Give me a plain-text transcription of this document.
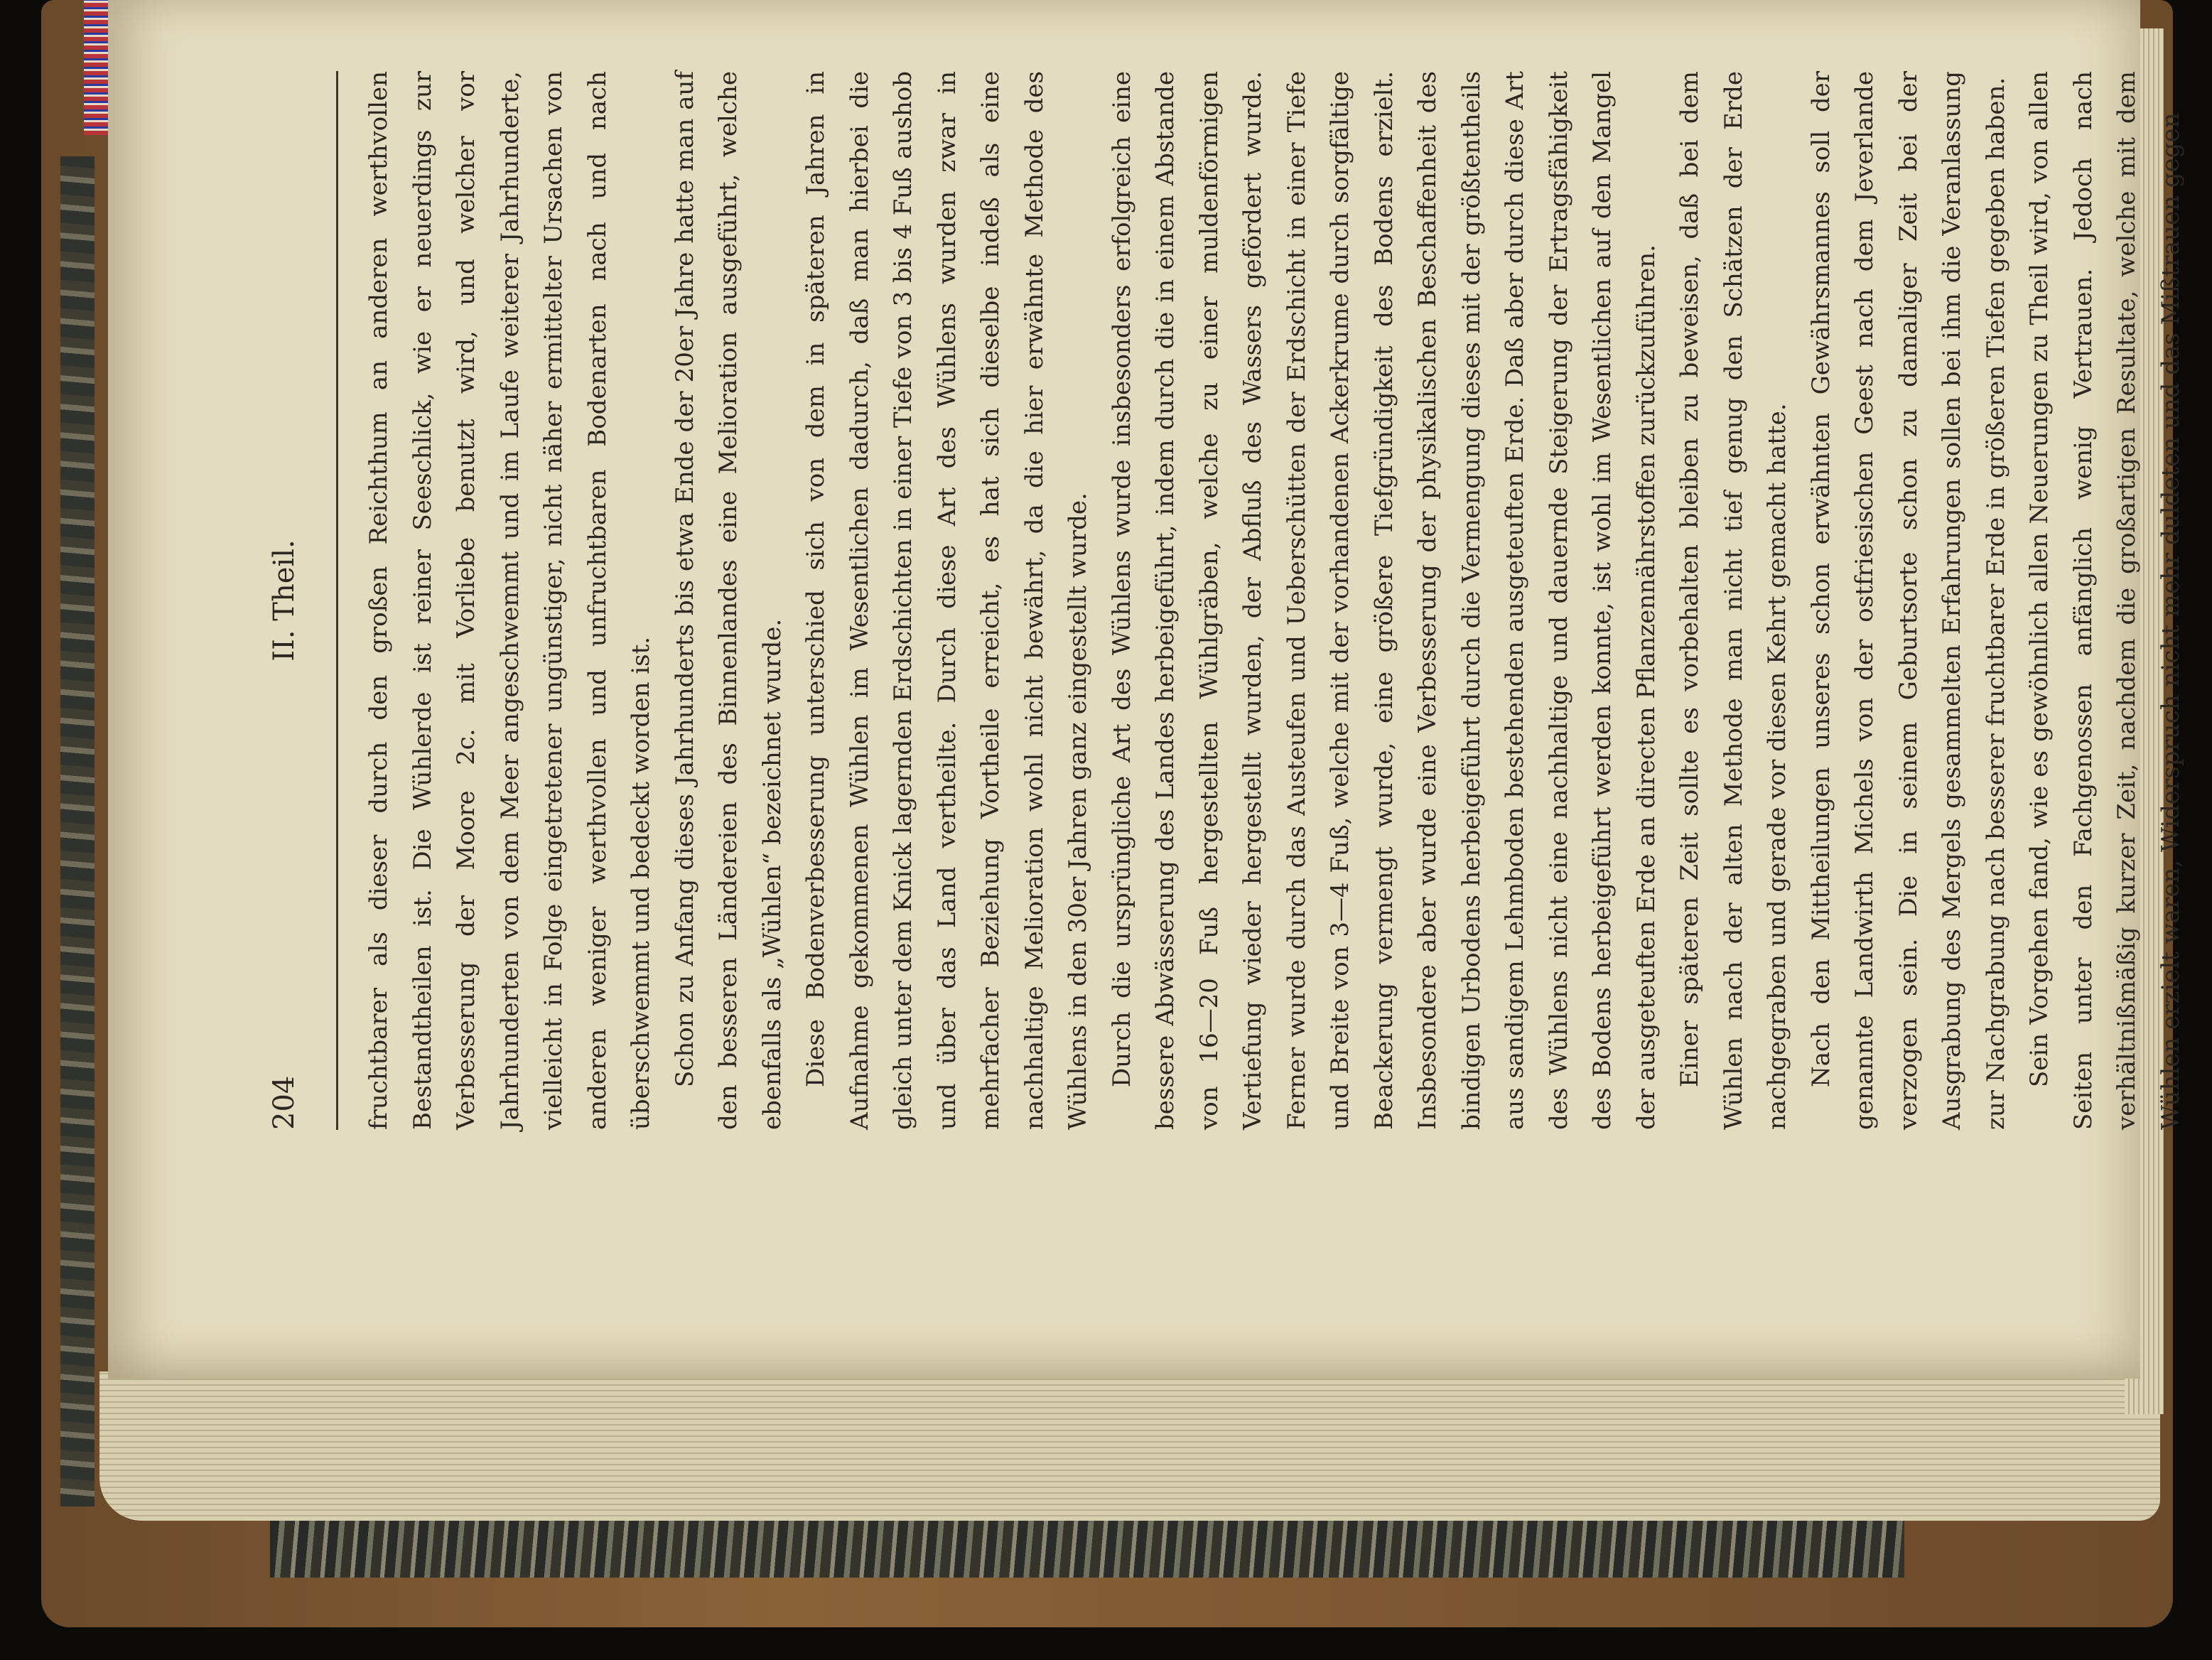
204
II. Theil.	fruchtbarer als dieser durch den großen Reichthum an anderen werthvollen Bestandtheilen ist. Die Wühlerde ist reiner Seeschlick, wie er neuerdings zur Verbesserung der Moore 2c. mit Vorliebe benutzt wird, und welcher vor Jahrhunderten von dem Meer angeschwemmt und im Laufe weiterer Jahrhunderte, vielleicht in Folge eingetretener ungünstiger, nicht näher ermittelter Ursachen von anderen weniger werthvollen und unfruchtbaren Bodenarten nach und nach überschwemmt und bedeckt worden ist. Schon zu Anfang dieses Jahrhunderts bis etwa Ende der 20er Jahre hatte man auf den besseren Ländereien des Binnenlandes eine Melioration ausgeführt, welche ebenfalls als „Wühlen“ bezeichnet wurde. Diese Bodenverbesserung unterschied sich von dem in späteren Jahren in Aufnahme gekommenen Wühlen im Wesentlichen dadurch, daß man hierbei die gleich unter dem Knick lagernden Erdschichten in einer Tiefe von 3 bis 4 Fuß aushob und über das Land vertheilte. Durch diese Art des Wühlens wurden zwar in mehrfacher Beziehung Vortheile erreicht, es hat sich dieselbe indeß als eine nachhaltige Melioration wohl nicht bewährt, da die hier erwähnte Methode des Wühlens in den 30er Jahren ganz eingestellt wurde. Durch die ursprüngliche Art des Wühlens wurde insbesonders erfolgreich eine bessere Abwässerung des Landes herbeigeführt, indem durch die in einem Abstande von 16—20 Fuß hergestellten Wühlgräben, welche zu einer muldenförmigen Vertiefung wieder hergestellt wurden, der Abfluß des Wassers gefördert wurde. Ferner wurde durch das Austeufen und Ueberschütten der Erdschicht in einer Tiefe und Breite von 3—4 Fuß, welche mit der vorhandenen Ackerkrume durch sorgfältige Beackerung vermengt wurde, eine größere Tiefgründigkeit des Bodens erzielt. Insbesondere aber wurde eine Verbesserung der physikalischen Beschaffenheit des bindigen Urbodens herbeigeführt durch die Vermengung dieses mit der größtentheils aus sandigem Lehmboden bestehenden ausgeteuften Erde. Daß aber durch diese Art des Wühlens nicht eine nachhaltige und dauernde Steigerung der Ertragsfähigkeit des Bodens herbeigeführt werden konnte, ist wohl im Wesentlichen auf den Mangel der ausgeteuften Erde an directen Pflanzennährstoffen zurückzuführen. Einer späteren Zeit sollte es vorbehalten bleiben zu beweisen, daß bei dem Wühlen nach der alten Methode man nicht tief genug den Schätzen der Erde nachgegraben und gerade vor diesen Kehrt gemacht hatte. Nach den Mittheilungen unseres schon erwähnten Gewährsmannes soll der genannte Landwirth Michels von der ostfriesischen Geest nach dem Jeverlande verzogen sein. Die in seinem Geburtsorte schon zu damaliger Zeit bei der Ausgrabung des Mergels gesammelten Erfahrungen sollen bei ihm die Veranlassung zur Nachgrabung nach besserer fruchtbarer Erde in größeren Tiefen gegeben haben. Sein Vorgehen fand, wie es gewöhnlich allen Neuerungen zu Theil wird, von allen Seiten unter den Fachgenossen anfänglich wenig Vertrauen. Jedoch nach verhältnißmäßig kurzer Zeit, nachdem die großartigen Resultate, welche mit dem Wühlen erzielt waren, Widerspruch nicht mehr duldeten und das Mißtrauen gegen
